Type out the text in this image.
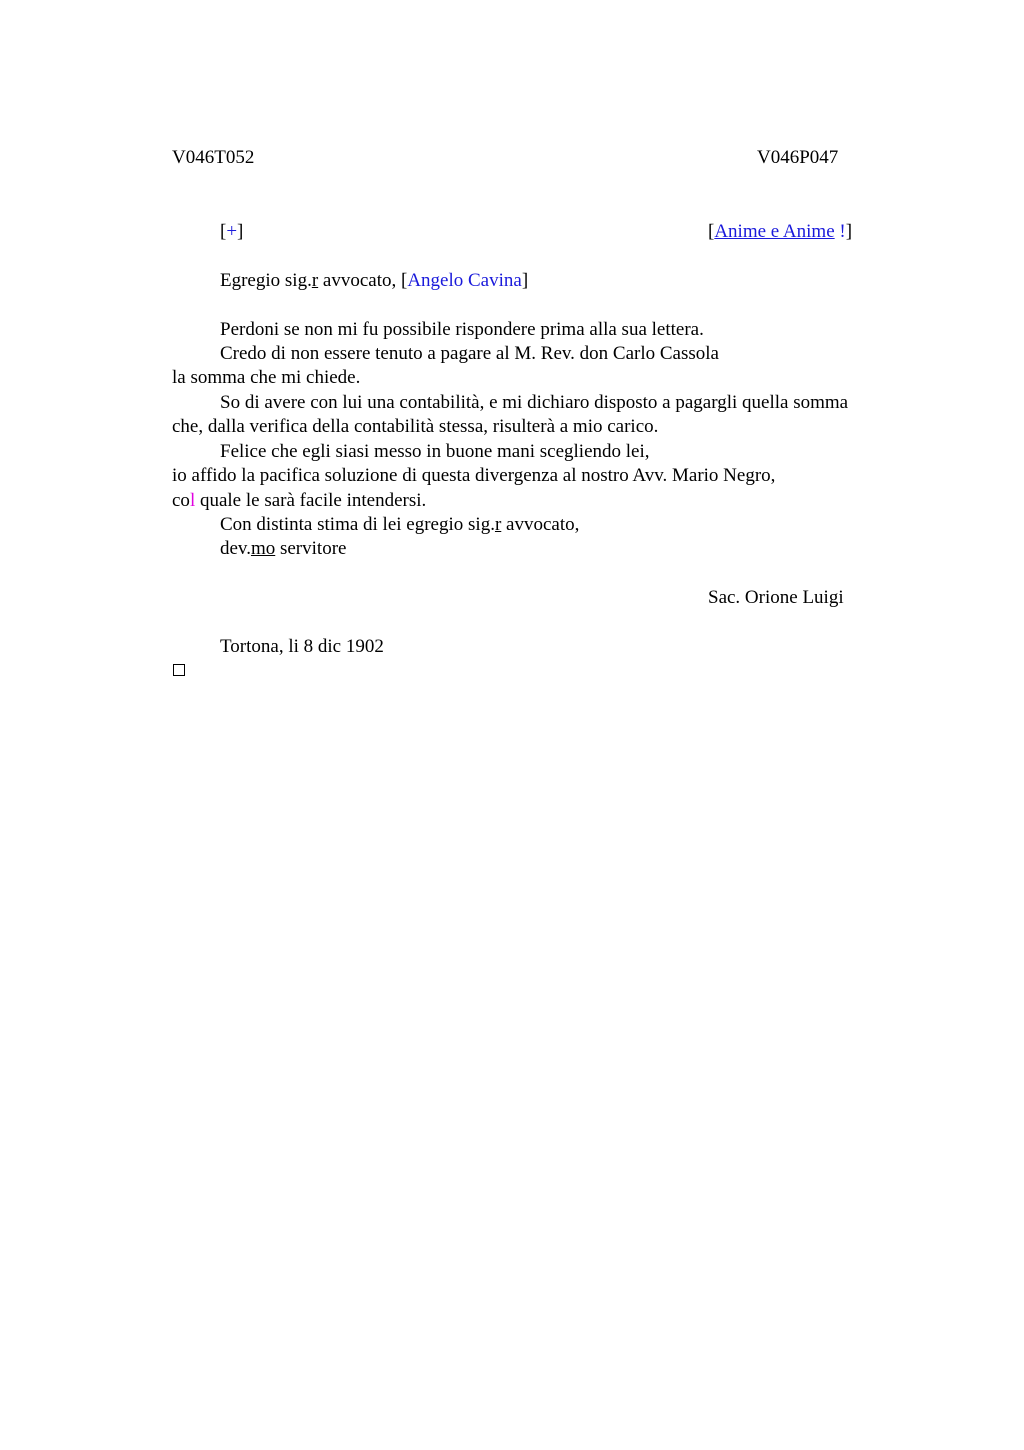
V046T052	V046P047
[+]	[Anime e Anime !]
Egregio sig.r avvocato, [Angelo Cavina]
Perdoni se non mi fu possibile rispondere prima alla sua lettera.
Credo di non essere tenuto a pagare al M. Rev. don Carlo Cassola
la somma che mi chiede.
So di avere con lui una contabilità, e mi dichiaro disposto a pagargli quella somma
che, dalla verifica della contabilità stessa, risulterà a mio carico.
Felice che egli siasi messo in buone mani scegliendo lei,
io affido la pacifica soluzione di questa divergenza al nostro Avv. Mario Negro,
col quale le sarà facile intendersi.
Con distinta stima di lei egregio sig.r avvocato,
dev.mo servitore
Sac. Orione Luigi
Tortona, li 8 dic 1902
